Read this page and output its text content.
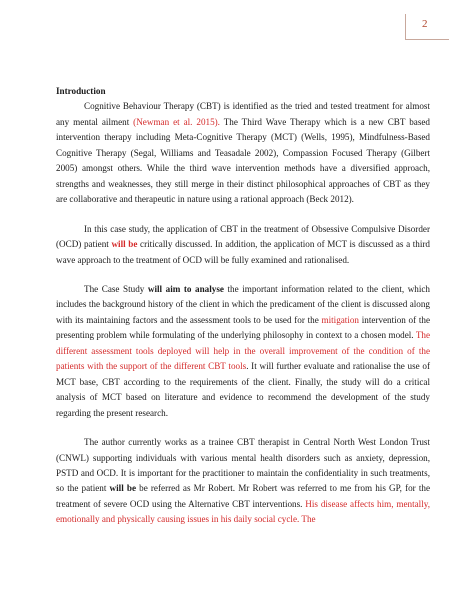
2

Introduction

Cognitive Behaviour Therapy (CBT) is identified as the tried and tested treatment for almost any mental ailment (Newman et al. 2015). The Third Wave Therapy which is a new CBT based intervention therapy including Meta-Cognitive Therapy (MCT) (Wells, 1995), Mindfulness-Based Cognitive Therapy (Segal, Williams and Teasadale 2002), Compassion Focused Therapy (Gilbert 2005) amongst others. While the third wave intervention methods have a diversified approach, strengths and weaknesses, they still merge in their distinct philosophical approaches of CBT as they are collaborative and therapeutic in nature using a rational approach (Beck 2012).

In this case study, the application of CBT in the treatment of Obsessive Compulsive Disorder (OCD) patient will be critically discussed. In addition, the application of MCT is discussed as a third wave approach to the treatment of OCD will be fully examined and rationalised.

The Case Study will aim to analyse the important information related to the client, which includes the background history of the client in which the predicament of the client is discussed along with its maintaining factors and the assessment tools to be used for the mitigation intervention of the presenting problem while formulating of the underlying philosophy in context to a chosen model. The different assessment tools deployed will help in the overall improvement of the condition of the patients with the support of the different CBT tools. It will further evaluate and rationalise the use of MCT base, CBT according to the requirements of the client. Finally, the study will do a critical analysis of MCT based on literature and evidence to recommend the development of the study regarding the present research.

The author currently works as a trainee CBT therapist in Central North West London Trust (CNWL) supporting individuals with various mental health disorders such as anxiety, depression, PSTD and OCD. It is important for the practitioner to maintain the confidentiality in such treatments, so the patient will be be referred as Mr Robert. Mr Robert was referred to me from his GP, for the treatment of severe OCD using the Alternative CBT interventions. His disease affects him, mentally, emotionally and physically causing issues in his daily social cycle. The
